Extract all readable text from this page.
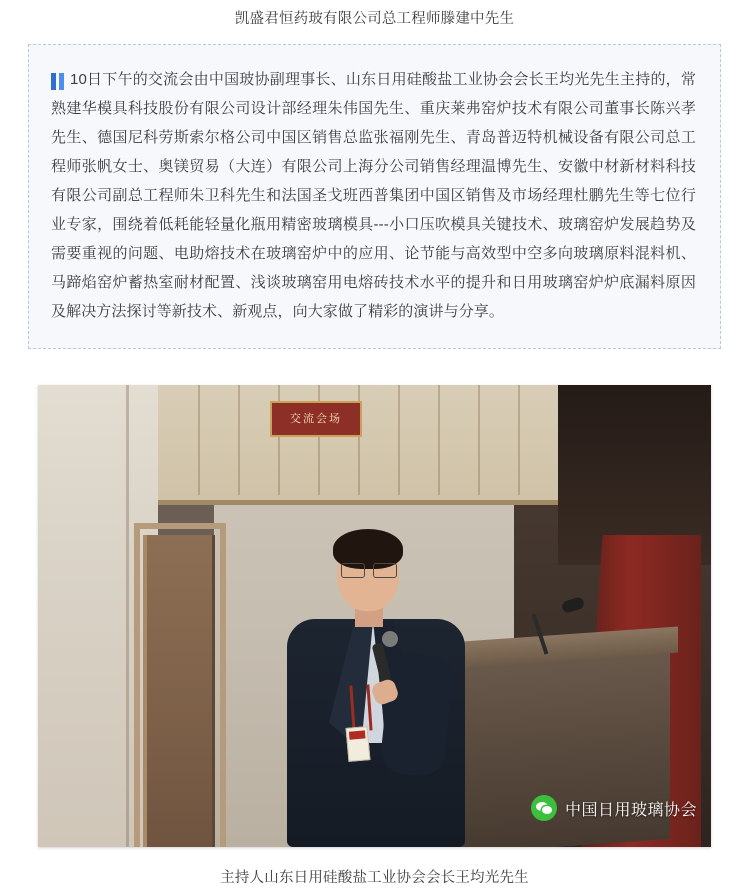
凯盛君恒药玻有限公司总工程师滕建中先生

10日下午的交流会由中国玻协副理事长、山东日用硅酸盐工业协会会长王均光先生主持的，常熟建华模具科技股份有限公司设计部经理朱伟国先生、重庆莱弗窑炉技术有限公司董事长陈兴孝先生、德国尼科劳斯索尔格公司中国区销售总监张福刚先生、青岛普迈特机械设备有限公司总工程师张帆女士、奥镁贸易（大连）有限公司上海分公司销售经理温博先生、安徽中材新材料科技有限公司副总工程师朱卫科先生和法国圣戈班西普集团中国区销售及市场经理杜鹏先生等七位行业专家，围绕着低耗能轻量化瓶用精密玻璃模具---小口压吹模具关键技术、玻璃窑炉发展趋势及需要重视的问题、电助熔技术在玻璃窑炉中的应用、论节能与高效型中空多向玻璃原料混料机、马蹄焰窑炉蓄热室耐材配置、浅谈玻璃窑用电熔砖技术水平的提升和日用玻璃窑炉炉底漏料原因及解决方法探讨等新技术、新观点，向大家做了精彩的演讲与分享。

交流会场
中国日用玻璃协会
主持人山东日用硅酸盐工业协会会长王均光先生
